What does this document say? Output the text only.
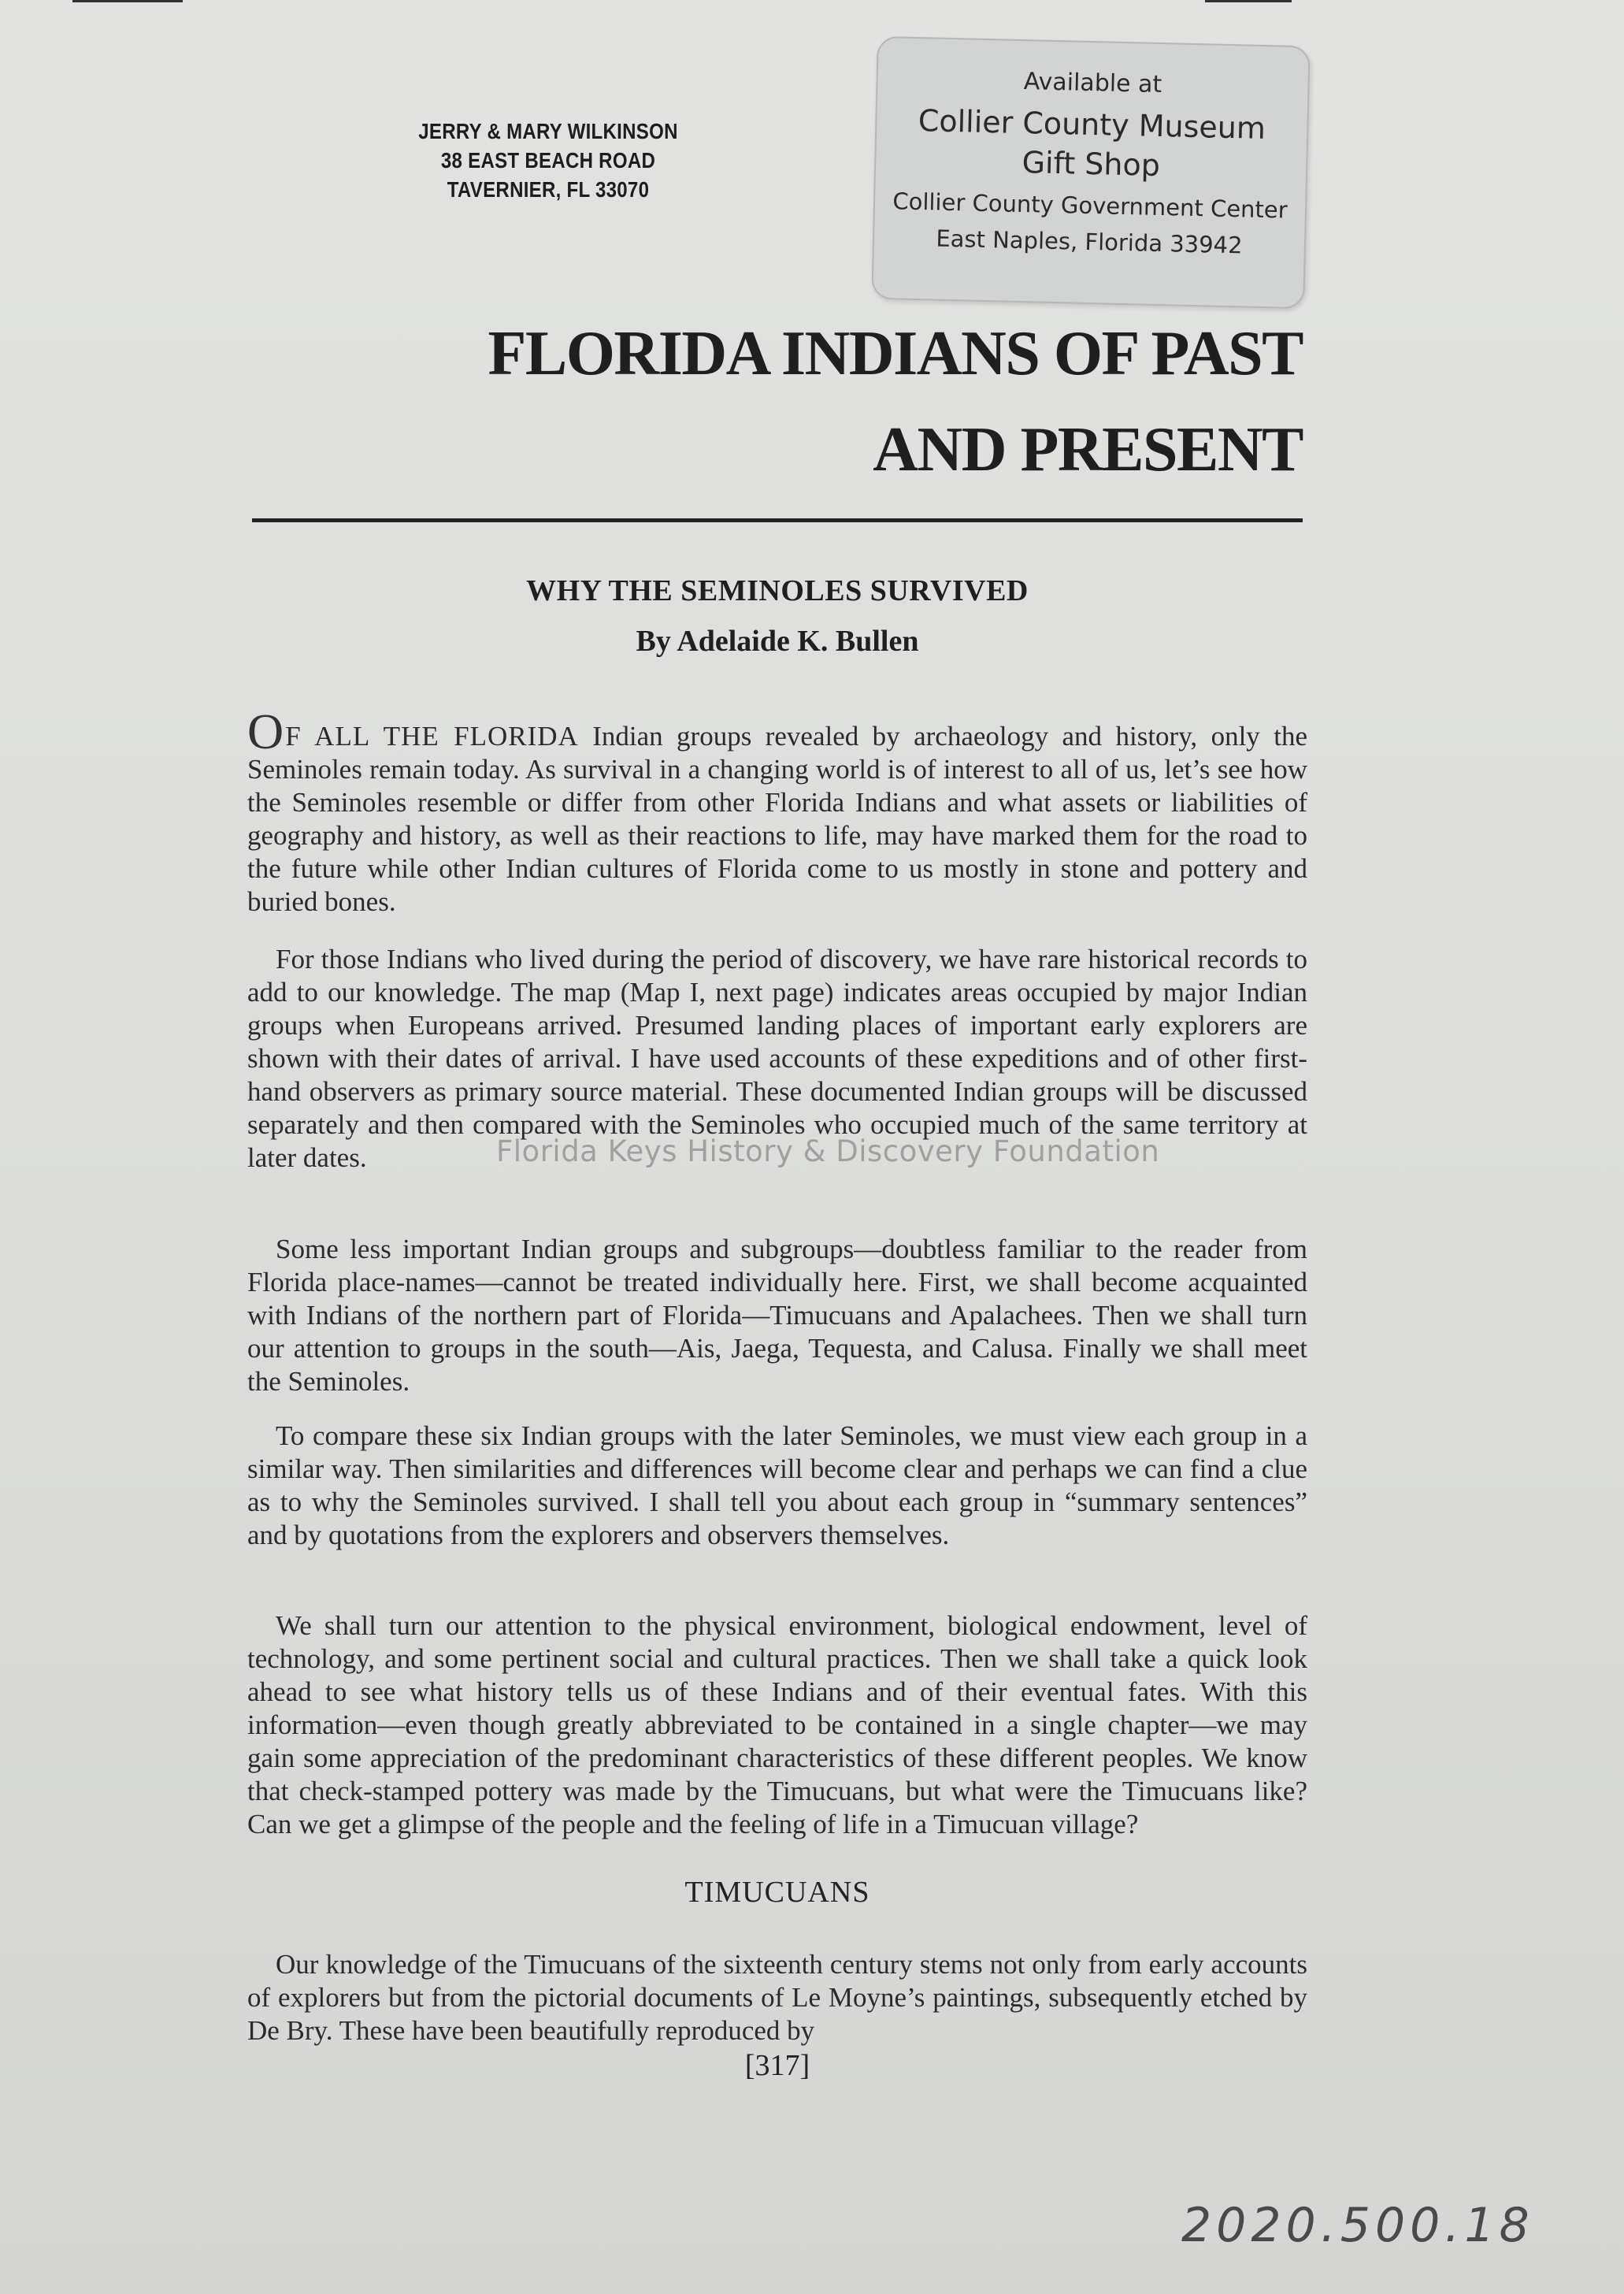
JERRY & MARY WILKINSON
38 EAST BEACH ROAD
TAVERNIER, FL 33070
Available at
Collier County Museum
Gift Shop
Collier County Government Center
East Naples, Florida 33942
FLORIDA INDIANS OF PAST
AND PRESENT
WHY THE SEMINOLES SURVIVED
By Adelaide K. Bullen

OF ALL THE FLORIDA Indian groups revealed by archaeology and history, only the Seminoles remain today. As survival in a changing world is of interest to all of us, let’s see how the Seminoles resemble or differ from other Florida Indians and what assets or liabilities of geography and history, as well as their reactions to life, may have marked them for the road to the future while other Indian cultures of Florida come to us mostly in stone and pottery and buried bones.

For those Indians who lived during the period of discovery, we have rare historical records to add to our knowledge. The map (Map I, next page) indicates areas occupied by major Indian groups when Europeans arrived. Presumed landing places of important early explorers are shown with their dates of arrival. I have used accounts of these expeditions and of other first-hand observers as primary source material. These documented Indian groups will be discussed separately and then compared with the Seminoles who occupied much of the same territory at later dates.

Some less important Indian groups and subgroups—doubtless familiar to the reader from Florida place-names—cannot be treated individually here. First, we shall become acquainted with Indians of the northern part of Florida—Timucuans and Apalachees. Then we shall turn our attention to groups in the south—Ais, Jaega, Tequesta, and Calusa. Finally we shall meet the Seminoles.

To compare these six Indian groups with the later Seminoles, we must view each group in a similar way. Then similarities and differences will become clear and perhaps we can find a clue as to why the Seminoles survived. I shall tell you about each group in “summary sentences” and by quotations from the explorers and observers themselves.

We shall turn our attention to the physical environment, biological endowment, level of technology, and some pertinent social and cultural practices. Then we shall take a quick look ahead to see what history tells us of these Indians and of their eventual fates. With this information—even though greatly abbreviated to be contained in a single chapter—we may gain some appreciation of the predominant characteristics of these different peoples. We know that check-stamped pottery was made by the Timucuans, but what were the Timucuans like? Can we get a glimpse of the people and the feeling of life in a Timucuan village?

TIMUCUANS

Our knowledge of the Timucuans of the sixteenth century stems not only from early accounts of explorers but from the pictorial documents of Le Moyne’s paintings, subsequently etched by De Bry. These have been beautifully reproduced by

[317]
Florida Keys History & Discovery Foundation
2020.500.18
